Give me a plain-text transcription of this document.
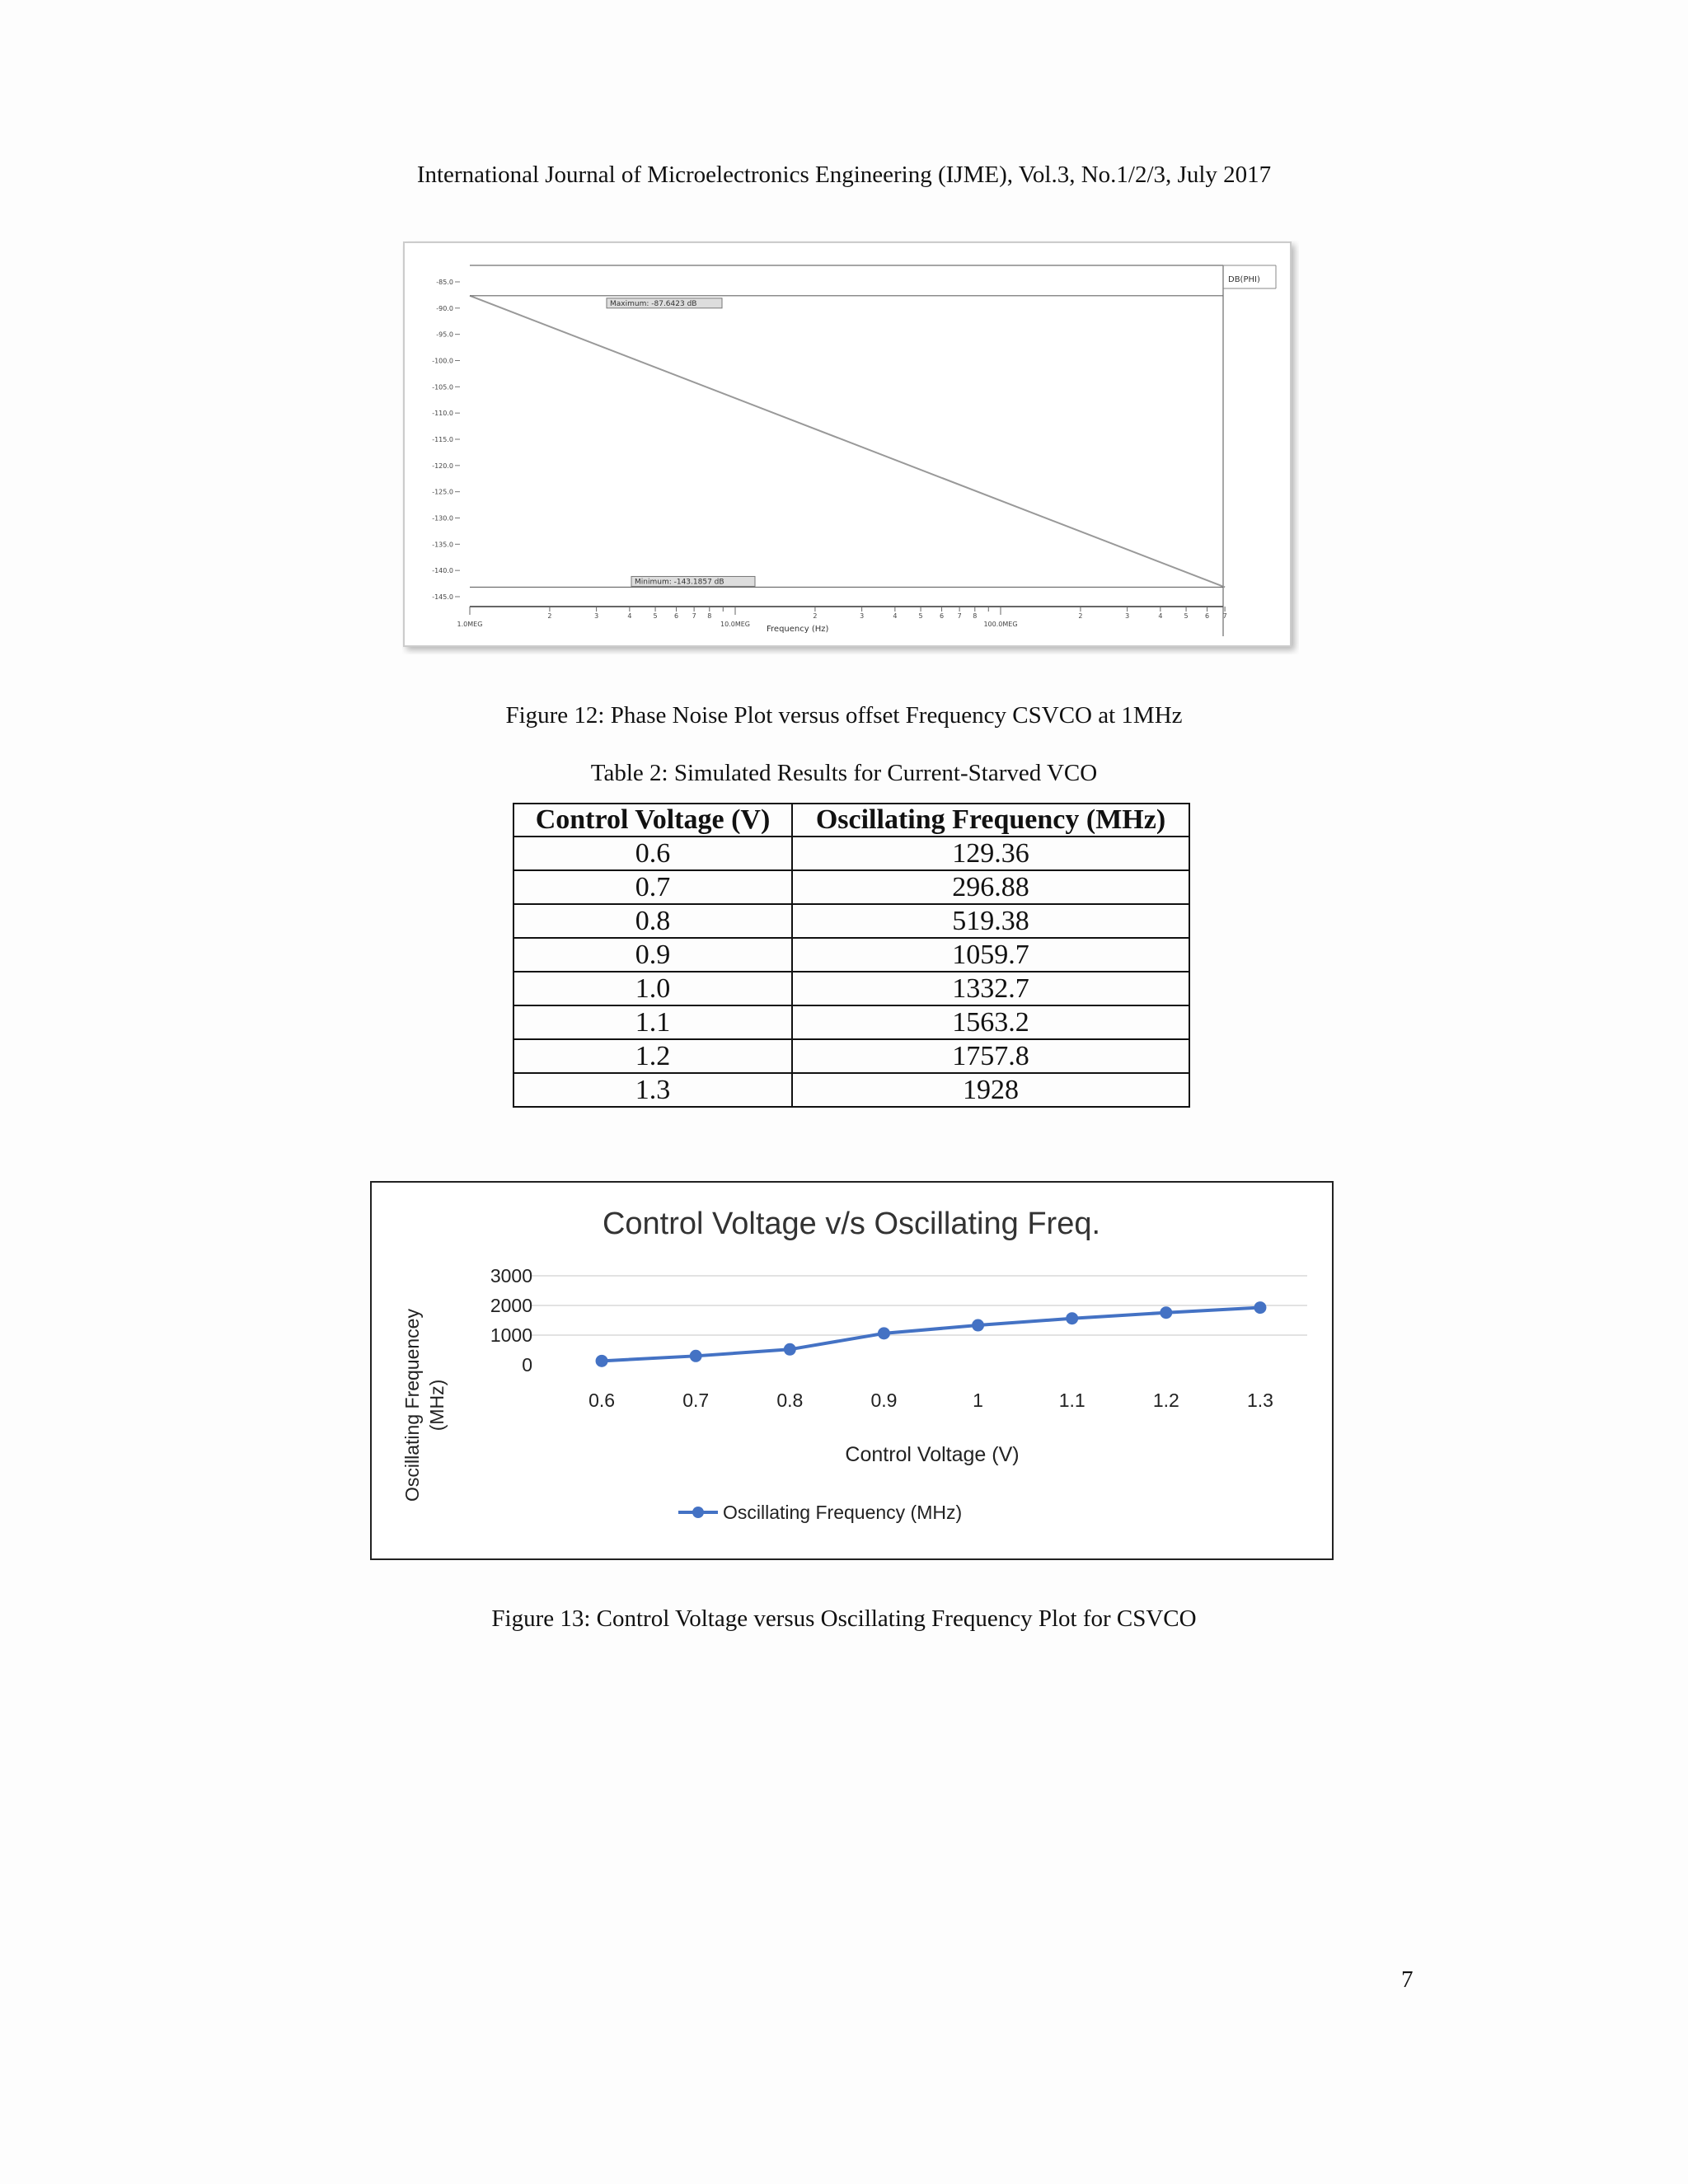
International Journal of Microelectronics Engineering (IJME), Vol.3, No.1/2/3, July 2017
-85.0
-90.0
-95.0
-100.0
-105.0
-110.0
-115.0
-120.0
-125.0
-130.0
-135.0
-140.0
-145.0
1.0MEG
2	3	4	5	6 7 8
10.0MEG
2	3	4	5	6 7 8
100.0MEG
2	3	4	5	6 7
Maximum: -87.6423 dB
Minimum: -143.1857 dB
DB(PHI)
Frequency (Hz)
Figure 12: Phase Noise Plot versus offset Frequency CSVCO at 1MHz
Table 2: Simulated Results for Current-Starved VCO
Control Voltage (V)	Oscillating Frequency (MHz)
0.6	129.36
0.7	296.88
0.8	519.38
0.9	1059.7
1.0	1332.7
1.1	1563.2
1.2	1757.8
1.3	1928
Control Voltage v/s Oscillating Freq.
3000
2000
1000
0
0.6	0.7	0.8	0.9	1	1.1	1.2	1.3
Control Voltage (V)
Oscillating Frequencey (MHz)
Oscillating Frequency (MHz)
Figure 13: Control Voltage versus Oscillating Frequency Plot for CSVCO
7
